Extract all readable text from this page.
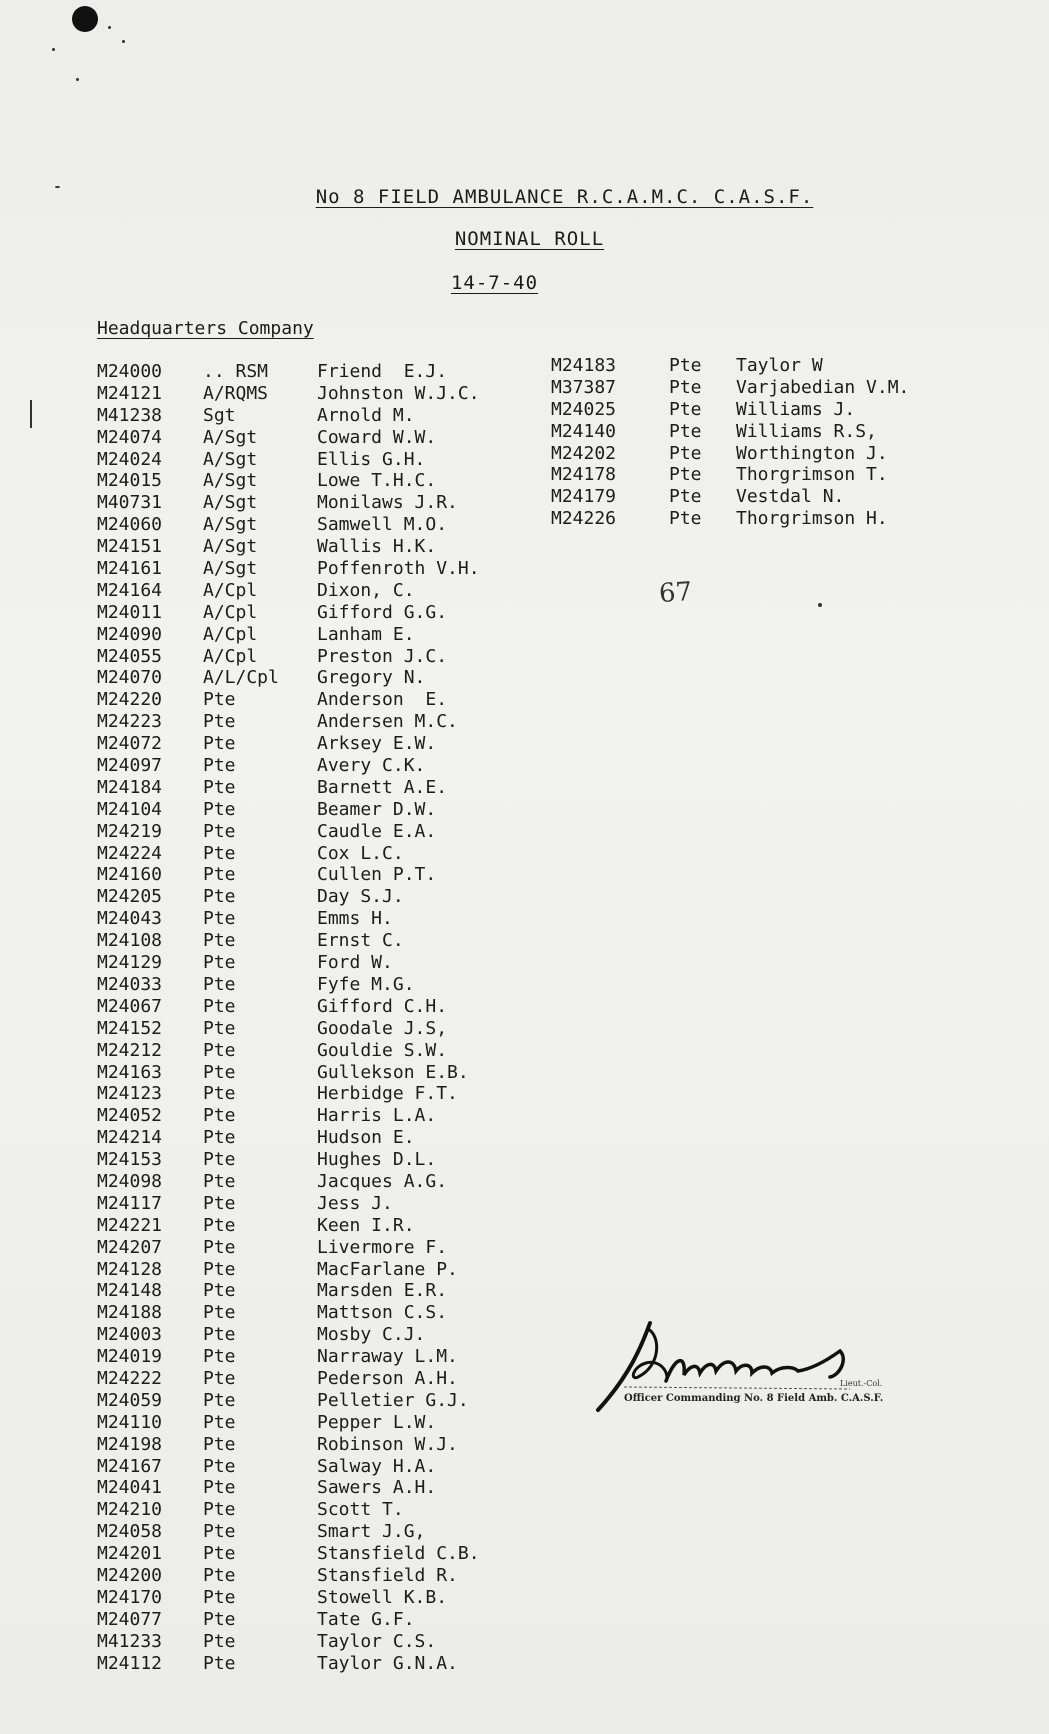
No 8 FIELD AMBULANCE R.C.A.M.C. C.A.S.F.
NOMINAL ROLL
14-7-40
Headquarters Company
M24000	.. RSM	Friend  E.J.
M24121	A/RQMS	Johnston W.J.C.
M41238	Sgt	Arnold M.
M24074	A/Sgt	Coward W.W.
M24024	A/Sgt	Ellis G.H.
M24015	A/Sgt	Lowe T.H.C.
M40731	A/Sgt	Monilaws J.R.
M24060	A/Sgt	Samwell M.O.
M24151	A/Sgt	Wallis H.K.
M24161	A/Sgt	Poffenroth V.H.
M24164	A/Cpl	Dixon, C.
M24011	A/Cpl	Gifford G.G.
M24090	A/Cpl	Lanham E.
M24055	A/Cpl	Preston J.C.
M24070	A/L/Cpl	Gregory N.
M24220	Pte	Anderson  E.
M24223	Pte	Andersen M.C.
M24072	Pte	Arksey E.W.
M24097	Pte	Avery C.K.
M24184	Pte	Barnett A.E.
M24104	Pte	Beamer D.W.
M24219	Pte	Caudle E.A.
M24224	Pte	Cox L.C.
M24160	Pte	Cullen P.T.
M24205	Pte	Day S.J.
M24043	Pte	Emms H.
M24108	Pte	Ernst C.
M24129	Pte	Ford W.
M24033	Pte	Fyfe M.G.
M24067	Pte	Gifford C.H.
M24152	Pte	Goodale J.S,
M24212	Pte	Gouldie S.W.
M24163	Pte	Gullekson E.B.
M24123	Pte	Herbidge F.T.
M24052	Pte	Harris L.A.
M24214	Pte	Hudson E.
M24153	Pte	Hughes D.L.
M24098	Pte	Jacques A.G.
M24117	Pte	Jess J.
M24221	Pte	Keen I.R.
M24207	Pte	Livermore F.
M24128	Pte	MacFarlane P.
M24148	Pte	Marsden E.R.
M24188	Pte	Mattson C.S.
M24003	Pte	Mosby C.J.
M24019	Pte	Narraway L.M.
M24222	Pte	Pederson A.H.
M24059	Pte	Pelletier G.J.
M24110	Pte	Pepper L.W.
M24198	Pte	Robinson W.J.
M24167	Pte	Salway H.A.
M24041	Pte	Sawers A.H.
M24210	Pte	Scott T.
M24058	Pte	Smart J.G,
M24201	Pte	Stansfield C.B.
M24200	Pte	Stansfield R.
M24170	Pte	Stowell K.B.
M24077	Pte	Tate G.F.
M41233	Pte	Taylor C.S.
M24112	Pte	Taylor G.N.A.
M24183	Pte	Taylor W
M37387	Pte	Varjabedian V.M.
M24025	Pte	Williams J.
M24140	Pte	Williams R.S,
M24202	Pte	Worthington J.
M24178	Pte	Thorgrimson T.
M24179	Pte	Vestdal N.
M24226	Pte	Thorgrimson H.
67
Lieut.-Col.
Officer Commanding No. 8 Field Amb. C.A.S.F.
